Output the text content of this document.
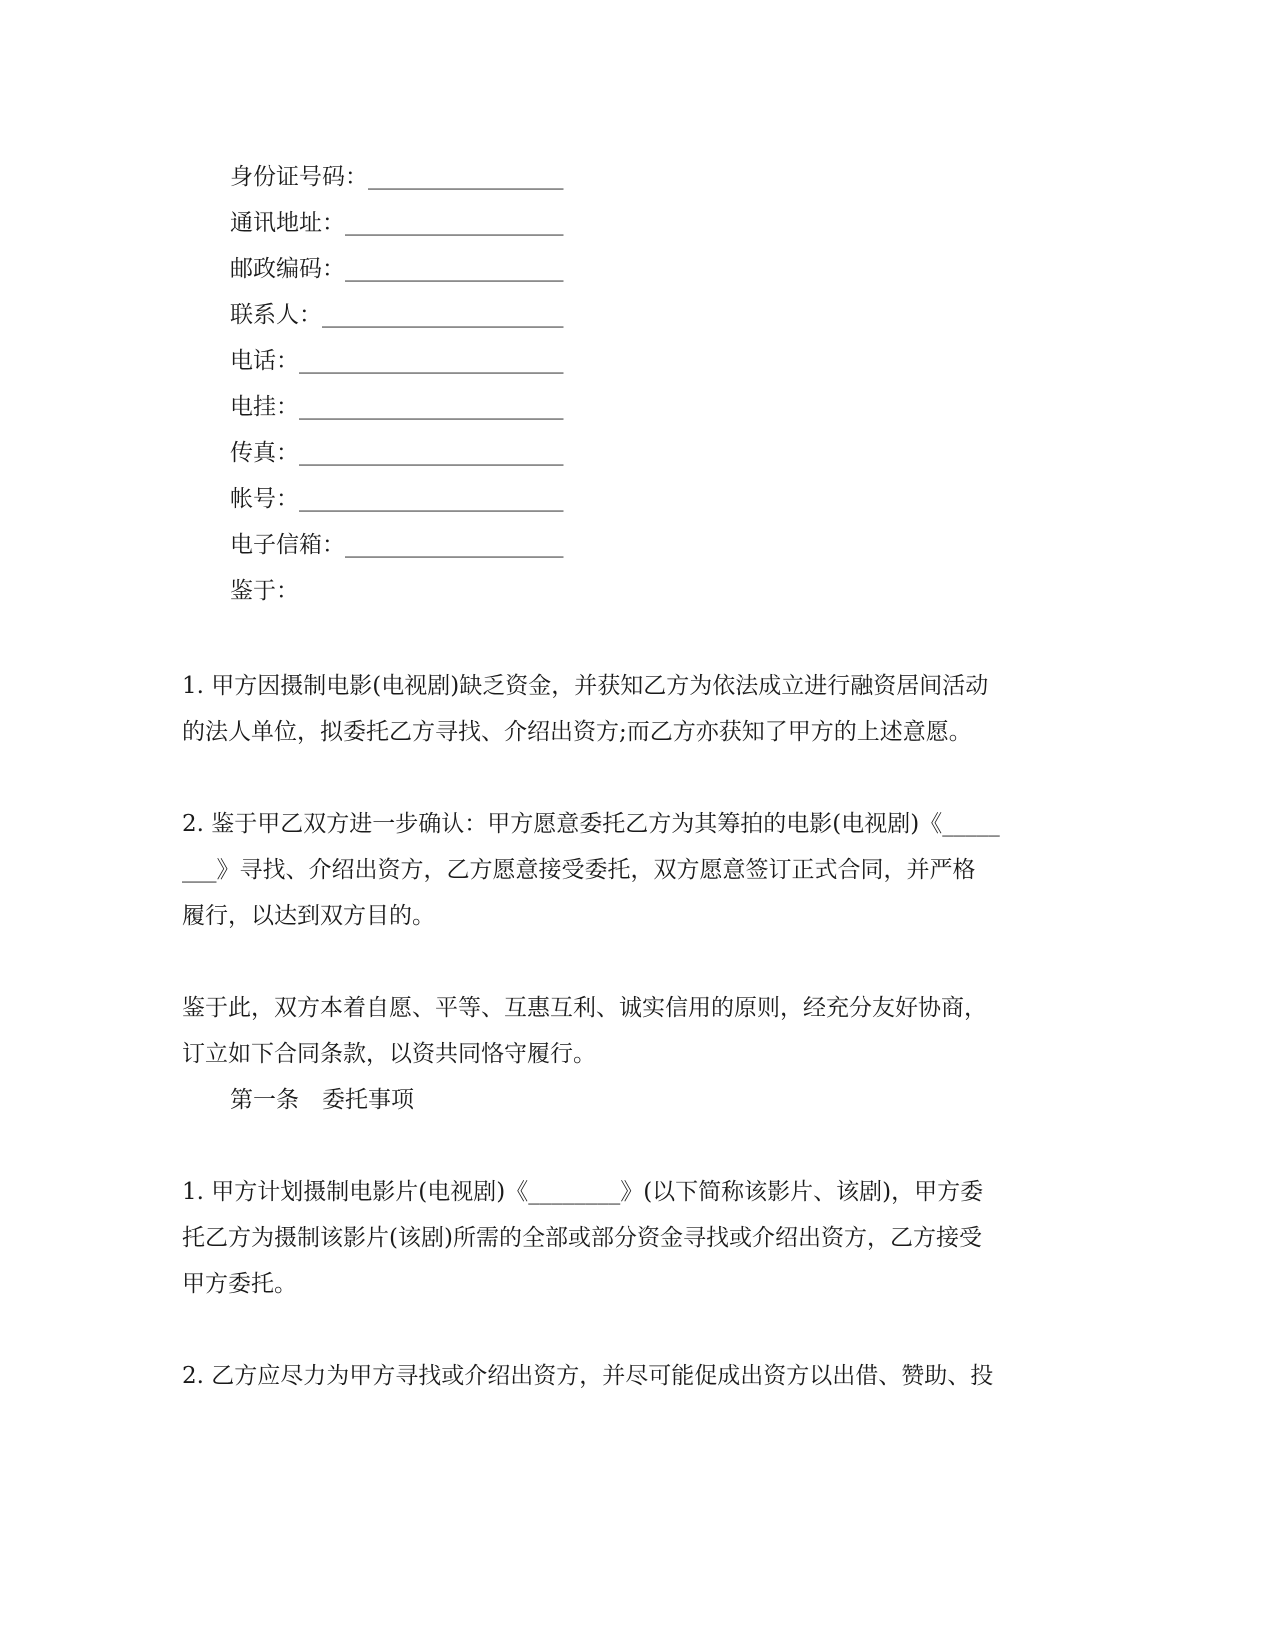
身份证号码：_________________
通讯地址：___________________
邮政编码：___________________
联系人：_____________________
电话：_______________________
电挂：_______________________
传真：_______________________
帐号：_______________________
电子信箱：___________________
鉴于：
1. 甲方因摄制电影(电视剧)缺乏资金，并获知乙方为依法成立进行融资居间活动
的法人单位，拟委托乙方寻找、介绍出资方;而乙方亦获知了甲方的上述意愿。
2. 鉴于甲乙双方进一步确认：甲方愿意委托乙方为其筹拍的电影(电视剧)《_____
___》寻找、介绍出资方，乙方愿意接受委托，双方愿意签订正式合同，并严格
履行，以达到双方目的。
鉴于此，双方本着自愿、平等、互惠互利、诚实信用的原则，经充分友好协商，
订立如下合同条款，以资共同恪守履行。
第一条　委托事项
1. 甲方计划摄制电影片(电视剧)《________》(以下简称该影片、该剧)，甲方委
托乙方为摄制该影片(该剧)所需的全部或部分资金寻找或介绍出资方，乙方接受
甲方委托。
2. 乙方应尽力为甲方寻找或介绍出资方，并尽可能促成出资方以出借、赞助、投
